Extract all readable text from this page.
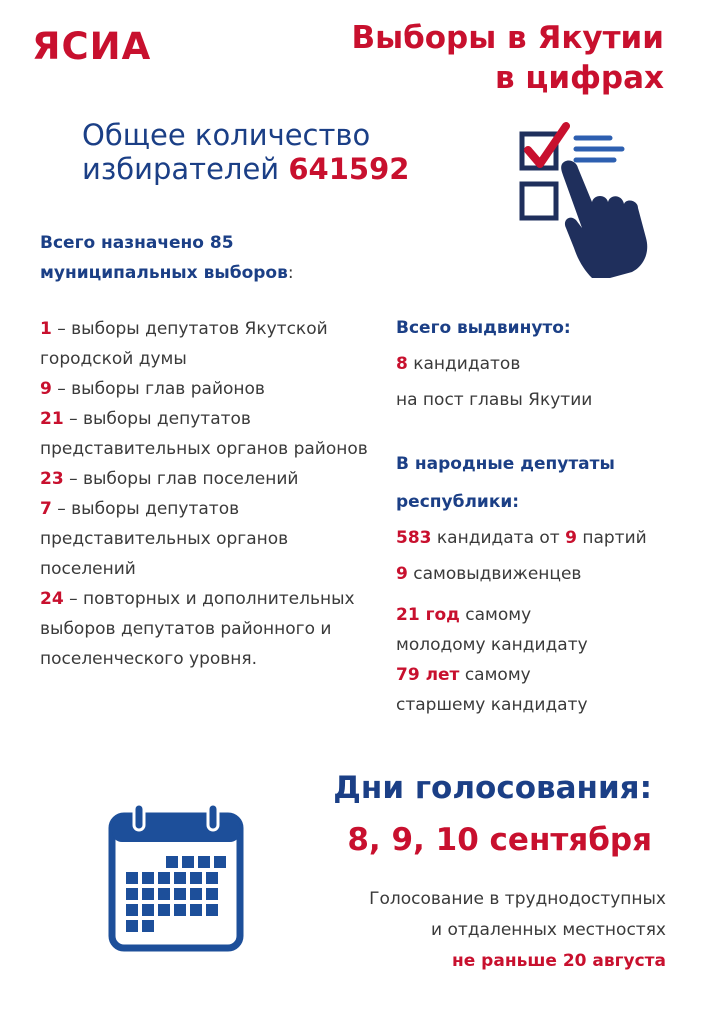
ЯСИА	Выборы в Якутии
в цифрах
Общее количество
избирателей 641592
Всего назначено 85
муниципальных выборов:
1 – выборы депутатов Якутской городской думы
9 – выборы глав районов
21 – выборы депутатов представительных органов районов
23 – выборы глав поселений
7 – выборы депутатов представительных органов поселений
24 – повторных и дополнительных выборов депутатов районного и поселенческого уровня.
Всего выдвинуто:
8 кандидатов
на пост главы Якутии
В народные депутаты
республики:
583 кандидата от 9 партий
9 самовыдвиженцев
21 год самому
молодому кандидату
79 лет самому
старшему кандидату
Дни голосования:
8, 9, 10 сентября
Голосование в труднодоступных
и отдаленных местностях
не раньше 20 августа
